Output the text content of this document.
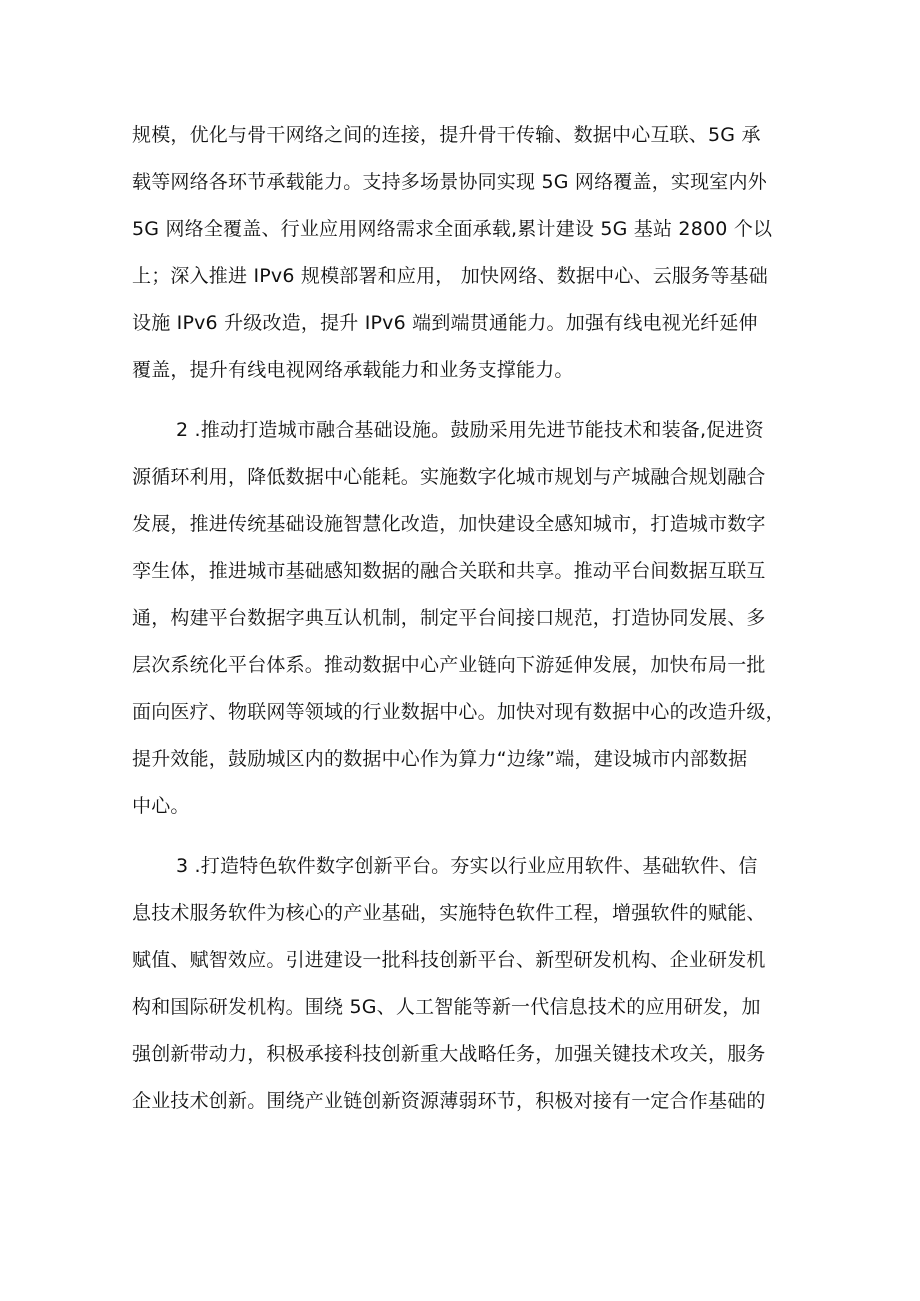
规模，优化与骨干网络之间的连接，提升骨干传输、数据中心互联、5G 承
载等网络各环节承载能力。支持多场景协同实现 5G 网络覆盖，实现室内外
5G 网络全覆盖、行业应用网络需求全面承载,累计建设 5G 基站 2800 个以
上；深入推进 IPv6 规模部署和应用， 加快网络、数据中心、云服务等基础
设施 IPv6 升级改造，提升 IPv6 端到端贯通能力。加强有线电视光纤延伸
覆盖，提升有线电视网络承载能力和业务支撑能力。
2 .推动打造城市融合基础设施。鼓励采用先进节能技术和装备,促进资
源循环利用，降低数据中心能耗。实施数字化城市规划与产城融合规划融合
发展，推进传统基础设施智慧化改造，加快建设全感知城市，打造城市数字
孪生体，推进城市基础感知数据的融合关联和共享。推动平台间数据互联互
通，构建平台数据字典互认机制，制定平台间接口规范，打造协同发展、多
层次系统化平台体系。推动数据中心产业链向下游延伸发展，加快布局一批
面向医疗、物联网等领域的行业数据中心。加快对现有数据中心的改造升级，
提升效能，鼓励城区内的数据中心作为算力“边缘”端，建设城市内部数据
中心。
3 .打造特色软件数字创新平台。夯实以行业应用软件、基础软件、信
息技术服务软件为核心的产业基础，实施特色软件工程，增强软件的赋能、
赋值、赋智效应。引进建设一批科技创新平台、新型研发机构、企业研发机
构和国际研发机构。围绕 5G、人工智能等新一代信息技术的应用研发，加
强创新带动力，积极承接科技创新重大战略任务，加强关键技术攻关，服务
企业技术创新。围绕产业链创新资源薄弱环节，积极对接有一定合作基础的
